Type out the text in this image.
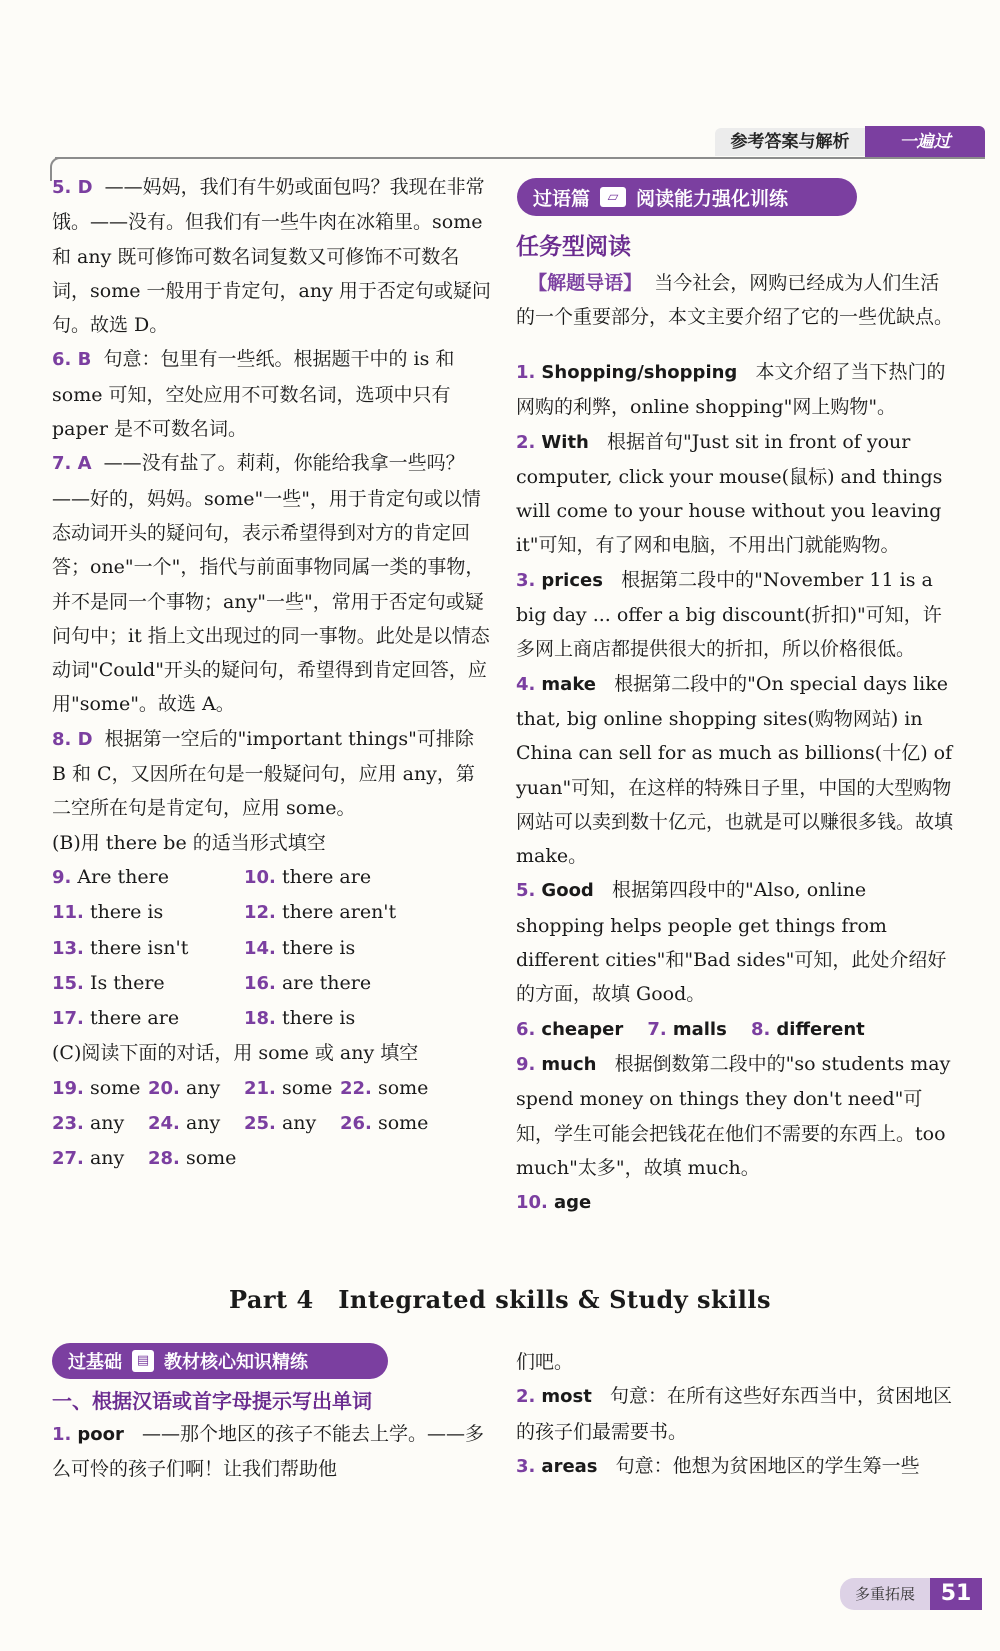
参考答案与解析	一遍过

5. D ——妈妈，我们有牛奶或面包吗？我现在非常饿。——没有。但我们有一些牛肉在冰箱里。some 和 any 既可修饰可数名词复数又可修饰不可数名词，some 一般用于肯定句，any 用于否定句或疑问句。故选 D。

6. B 句意：包里有一些纸。根据题干中的 is 和 some 可知，空处应用不可数名词，选项中只有 paper 是不可数名词。

7. A ——没有盐了。莉莉，你能给我拿一些吗？——好的，妈妈。some"一些"，用于肯定句或以情态动词开头的疑问句，表示希望得到对方的肯定回答；one"一个"，指代与前面事物同属一类的事物，并不是同一个事物；any"一些"，常用于否定句或疑问句中；it 指上文出现过的同一事物。此处是以情态动词"Could"开头的疑问句，希望得到肯定回答，应用"some"。故选 A。

8. D 根据第一空后的"important things"可排除 B 和 C，又因所在句是一般疑问句，应用 any，第二空所在句是肯定句，应用 some。

(B)用 there be 的适当形式填空

9. Are there	10. there are
11. there is	12. there aren't
13. there isn't	14. there is
15. Is there	16. are there
17. there are	18. there is

(C)阅读下面的对话，用 some 或 any 填空

19. some 20. any	21. some 22. some
23. any	24. any	25. any	26. some
27. any	28. some
过语篇	▱ 阅读能力强化训练
任务型阅读
【解题导语】 当今社会，网购已经成为人们生活的一个重要部分，本文主要介绍了它的一些优缺点。

1. Shopping/shopping 本文介绍了当下热门的网购的利弊，online shopping"网上购物"。

2. With 根据首句"Just sit in front of your computer, click your mouse(鼠标) and things will come to your house without you leaving it"可知，有了网和电脑，不用出门就能购物。

3. prices 根据第二段中的"November 11 is a big day ... offer a big discount(折扣)"可知，许多网上商店都提供很大的折扣，所以价格很低。

4. make 根据第二段中的"On special days like that, big online shopping sites(购物网站) in China can sell for as much as billions(十亿) of yuan"可知，在这样的特殊日子里，中国的大型购物网站可以卖到数十亿元，也就是可以赚很多钱。故填 make。

5. Good 根据第四段中的"Also, online shopping helps people get things from different cities"和"Bad sides"可知，此处介绍好的方面，故填 Good。

6. cheaper 7. malls 8. different

9. much 根据倒数第二段中的"so students may spend money on things they don't need"可知，学生可能会把钱花在他们不需要的东西上。too much"太多"，故填 much。

10. age

Part 4　Integrated skills & Study skills
过基础	▤ 教材核心知识精练
一、根据汉语或首字母提示写出单词

1. poor ——那个地区的孩子不能去上学。——多么可怜的孩子们啊！让我们帮助他

们吧。

2. most 句意：在所有这些好东西当中，贫困地区的孩子们最需要书。

3. areas 句意：他想为贫困地区的学生筹一些

多重拓展	51
